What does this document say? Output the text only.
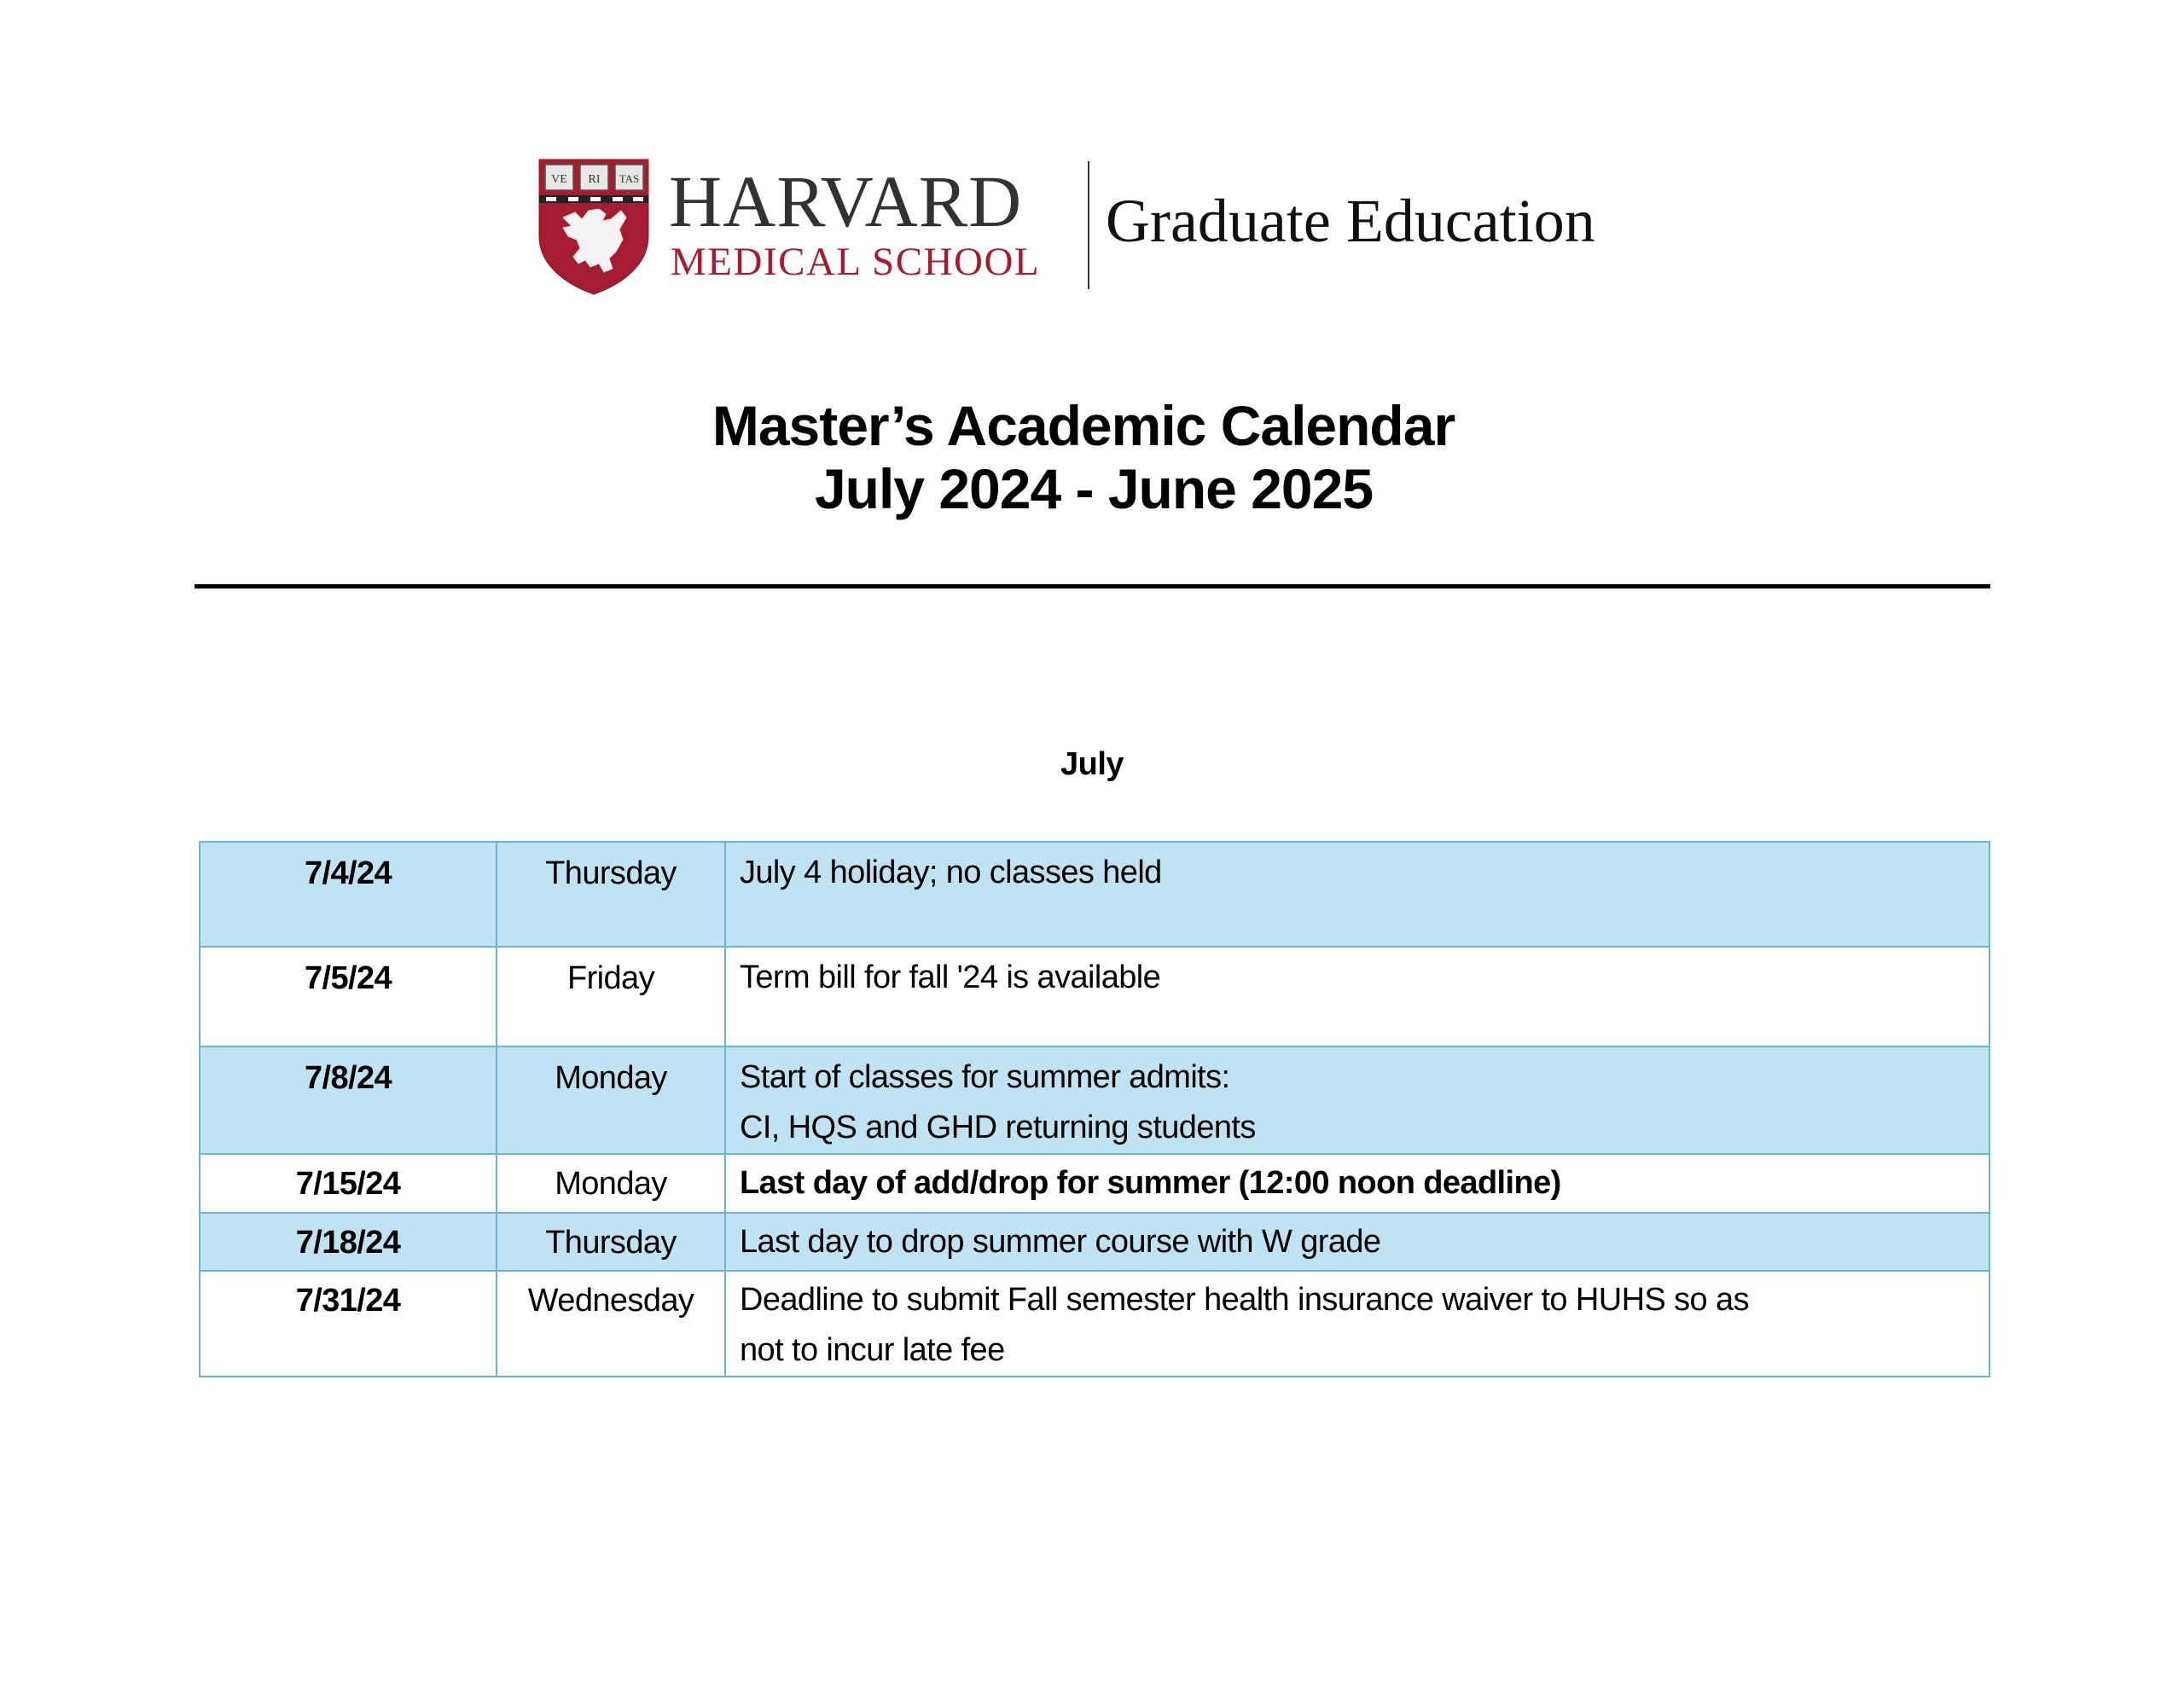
VE RI TAS HARVARD
MEDICAL SCHOOL
Graduate Education
Master’s Academic Calendar
July 2024 - June 2025
July
7/4/24	Thursday	July 4 holiday; no classes held

7/5/24	Friday	Term bill for fall '24 is available

7/8/24	Monday	Start of classes for summer admits:
CI, HQS and GHD returning students

7/15/24	Monday	Last day of add/drop for summer (12:00 noon deadline)

7/18/24	Thursday	Last day to drop summer course with W grade

7/31/24	Wednesday	Deadline to submit Fall semester health insurance waiver to HUHS so as
not to incur late fee
